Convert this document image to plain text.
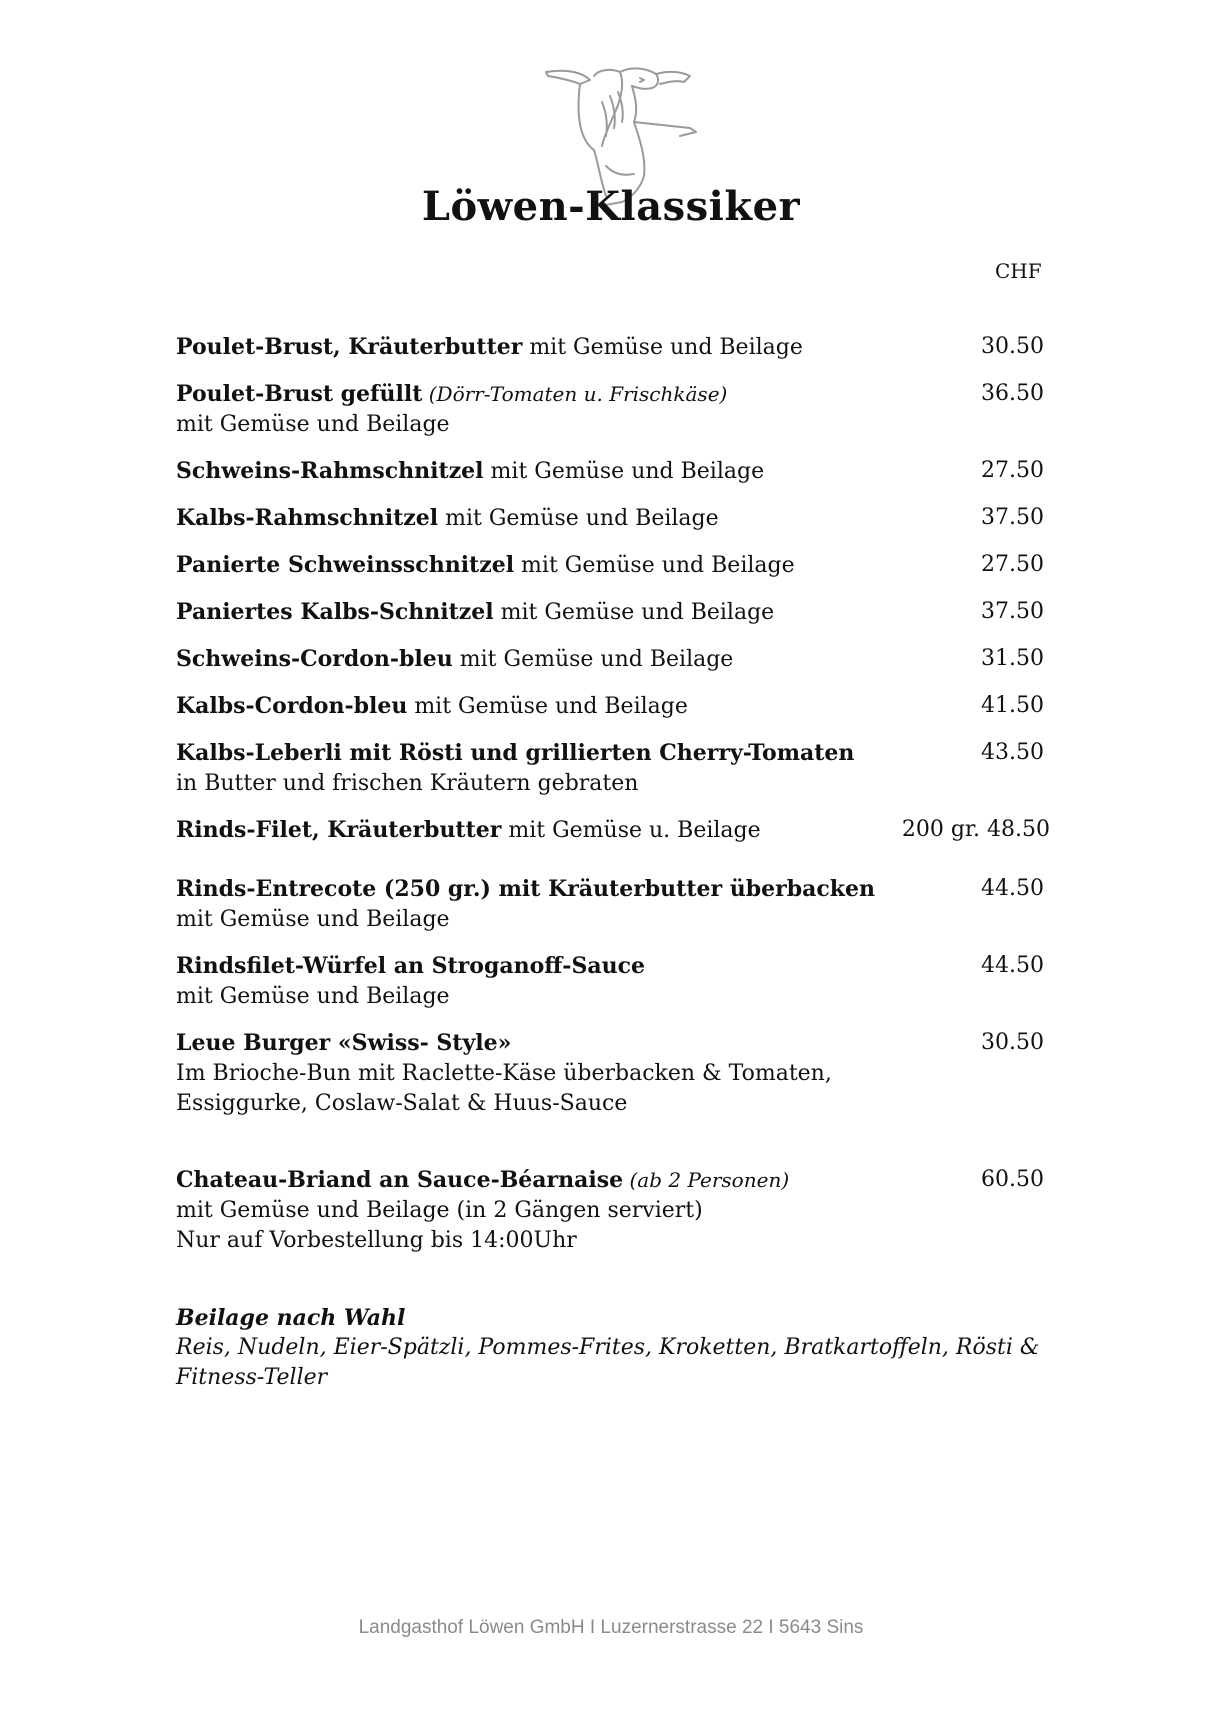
Löwen-Klassiker
CHF
Poulet-Brust, Kräuterbutter mit Gemüse und Beilage	30.50
Poulet-Brust gefüllt (Dörr-Tomaten u. Frischkäse)	36.50
mit Gemüse und Beilage
Schweins-Rahmschnitzel mit Gemüse und Beilage	27.50
Kalbs-Rahmschnitzel mit Gemüse und Beilage	37.50
Panierte Schweinsschnitzel mit Gemüse und Beilage	27.50
Paniertes Kalbs-Schnitzel mit Gemüse und Beilage	37.50
Schweins-Cordon-bleu mit Gemüse und Beilage	31.50
Kalbs-Cordon-bleu mit Gemüse und Beilage	41.50
Kalbs-Leberli mit Rösti und grillierten Cherry-Tomaten	43.50
in Butter und frischen Kräutern gebraten
Rinds-Filet, Kräuterbutter mit Gemüse u. Beilage	200 gr. 48.50
Rinds-Entrecote (250 gr.) mit Kräuterbutter überbacken	44.50
mit Gemüse und Beilage
Rindsfilet-Würfel an Stroganoff-Sauce	44.50
mit Gemüse und Beilage
Leue Burger «Swiss- Style»	30.50
Im Brioche-Bun mit Raclette-Käse überbacken & Tomaten,
Essiggurke, Coslaw-Salat & Huus-Sauce
Chateau-Briand an Sauce-Béarnaise (ab 2 Personen)	60.50
mit Gemüse und Beilage (in 2 Gängen serviert)
Nur auf Vorbestellung bis 14:00Uhr
Beilage nach Wahl
Reis, Nudeln, Eier-Spätzli, Pommes-Frites, Kroketten, Bratkartoffeln, Rösti &
Fitness-Teller
Landgasthof Löwen GmbH I Luzernerstrasse 22 I 5643 Sins
